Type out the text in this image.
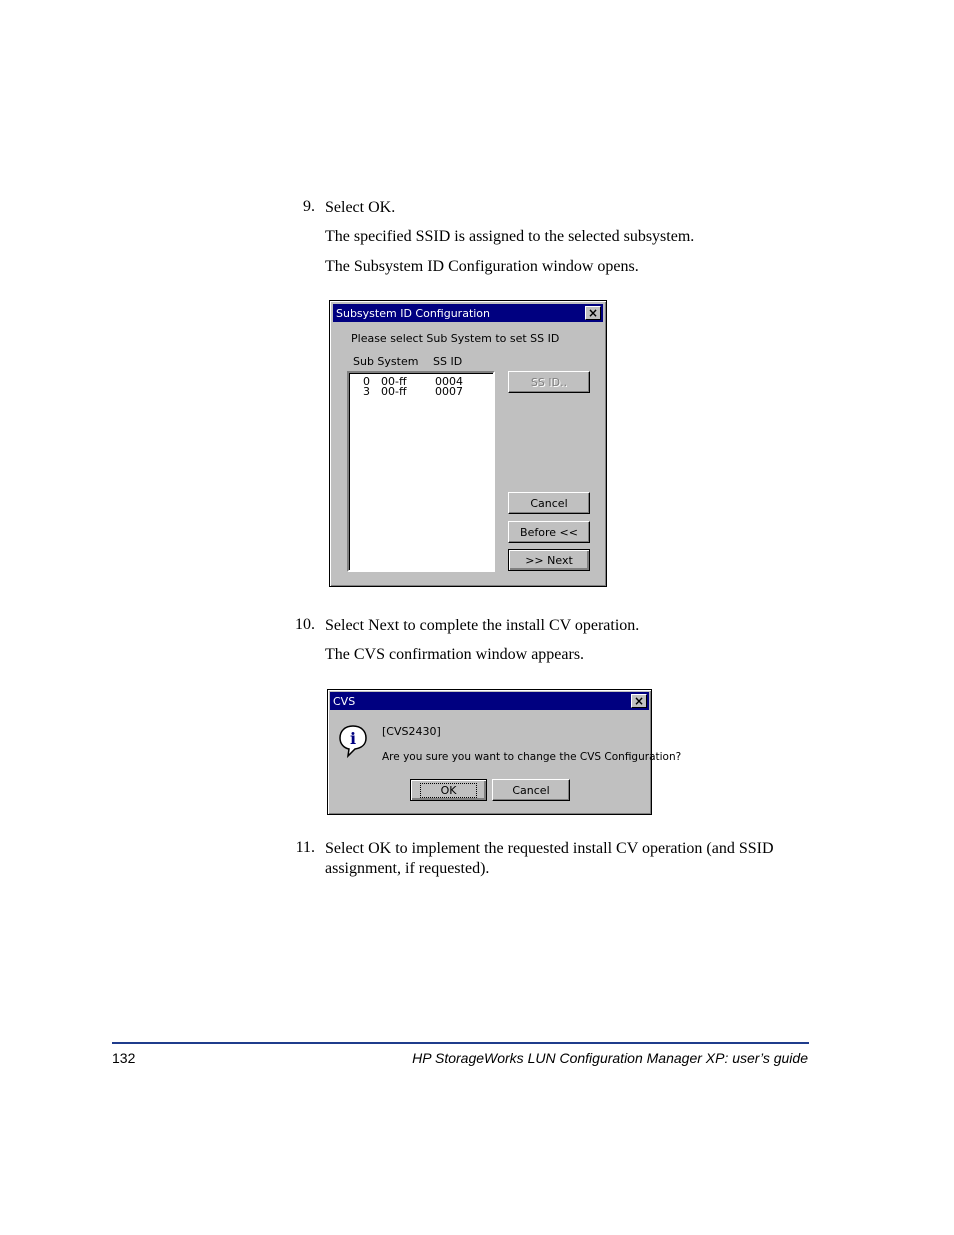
9. Select OK.
The specified SSID is assigned to the selected subsystem.
The Subsystem ID Configuration window opens.
Subsystem ID Configuration	×
Please select Sub System to set SS ID
Sub System SS ID
0 00-ff	0004
3 00-ff	0007
SS ID..
Cancel
Before <<
>> Next
10. Select Next to complete the install CV operation.
The CVS confirmation window appears.
CVS	×
i [CVS2430]
Are you sure you want to change the CVS Configuration?
OK	Cancel
11. Select OK to implement the requested install CV operation (and SSID
assignment, if requested).
132	HP StorageWorks LUN Configuration Manager XP: user’s guide
